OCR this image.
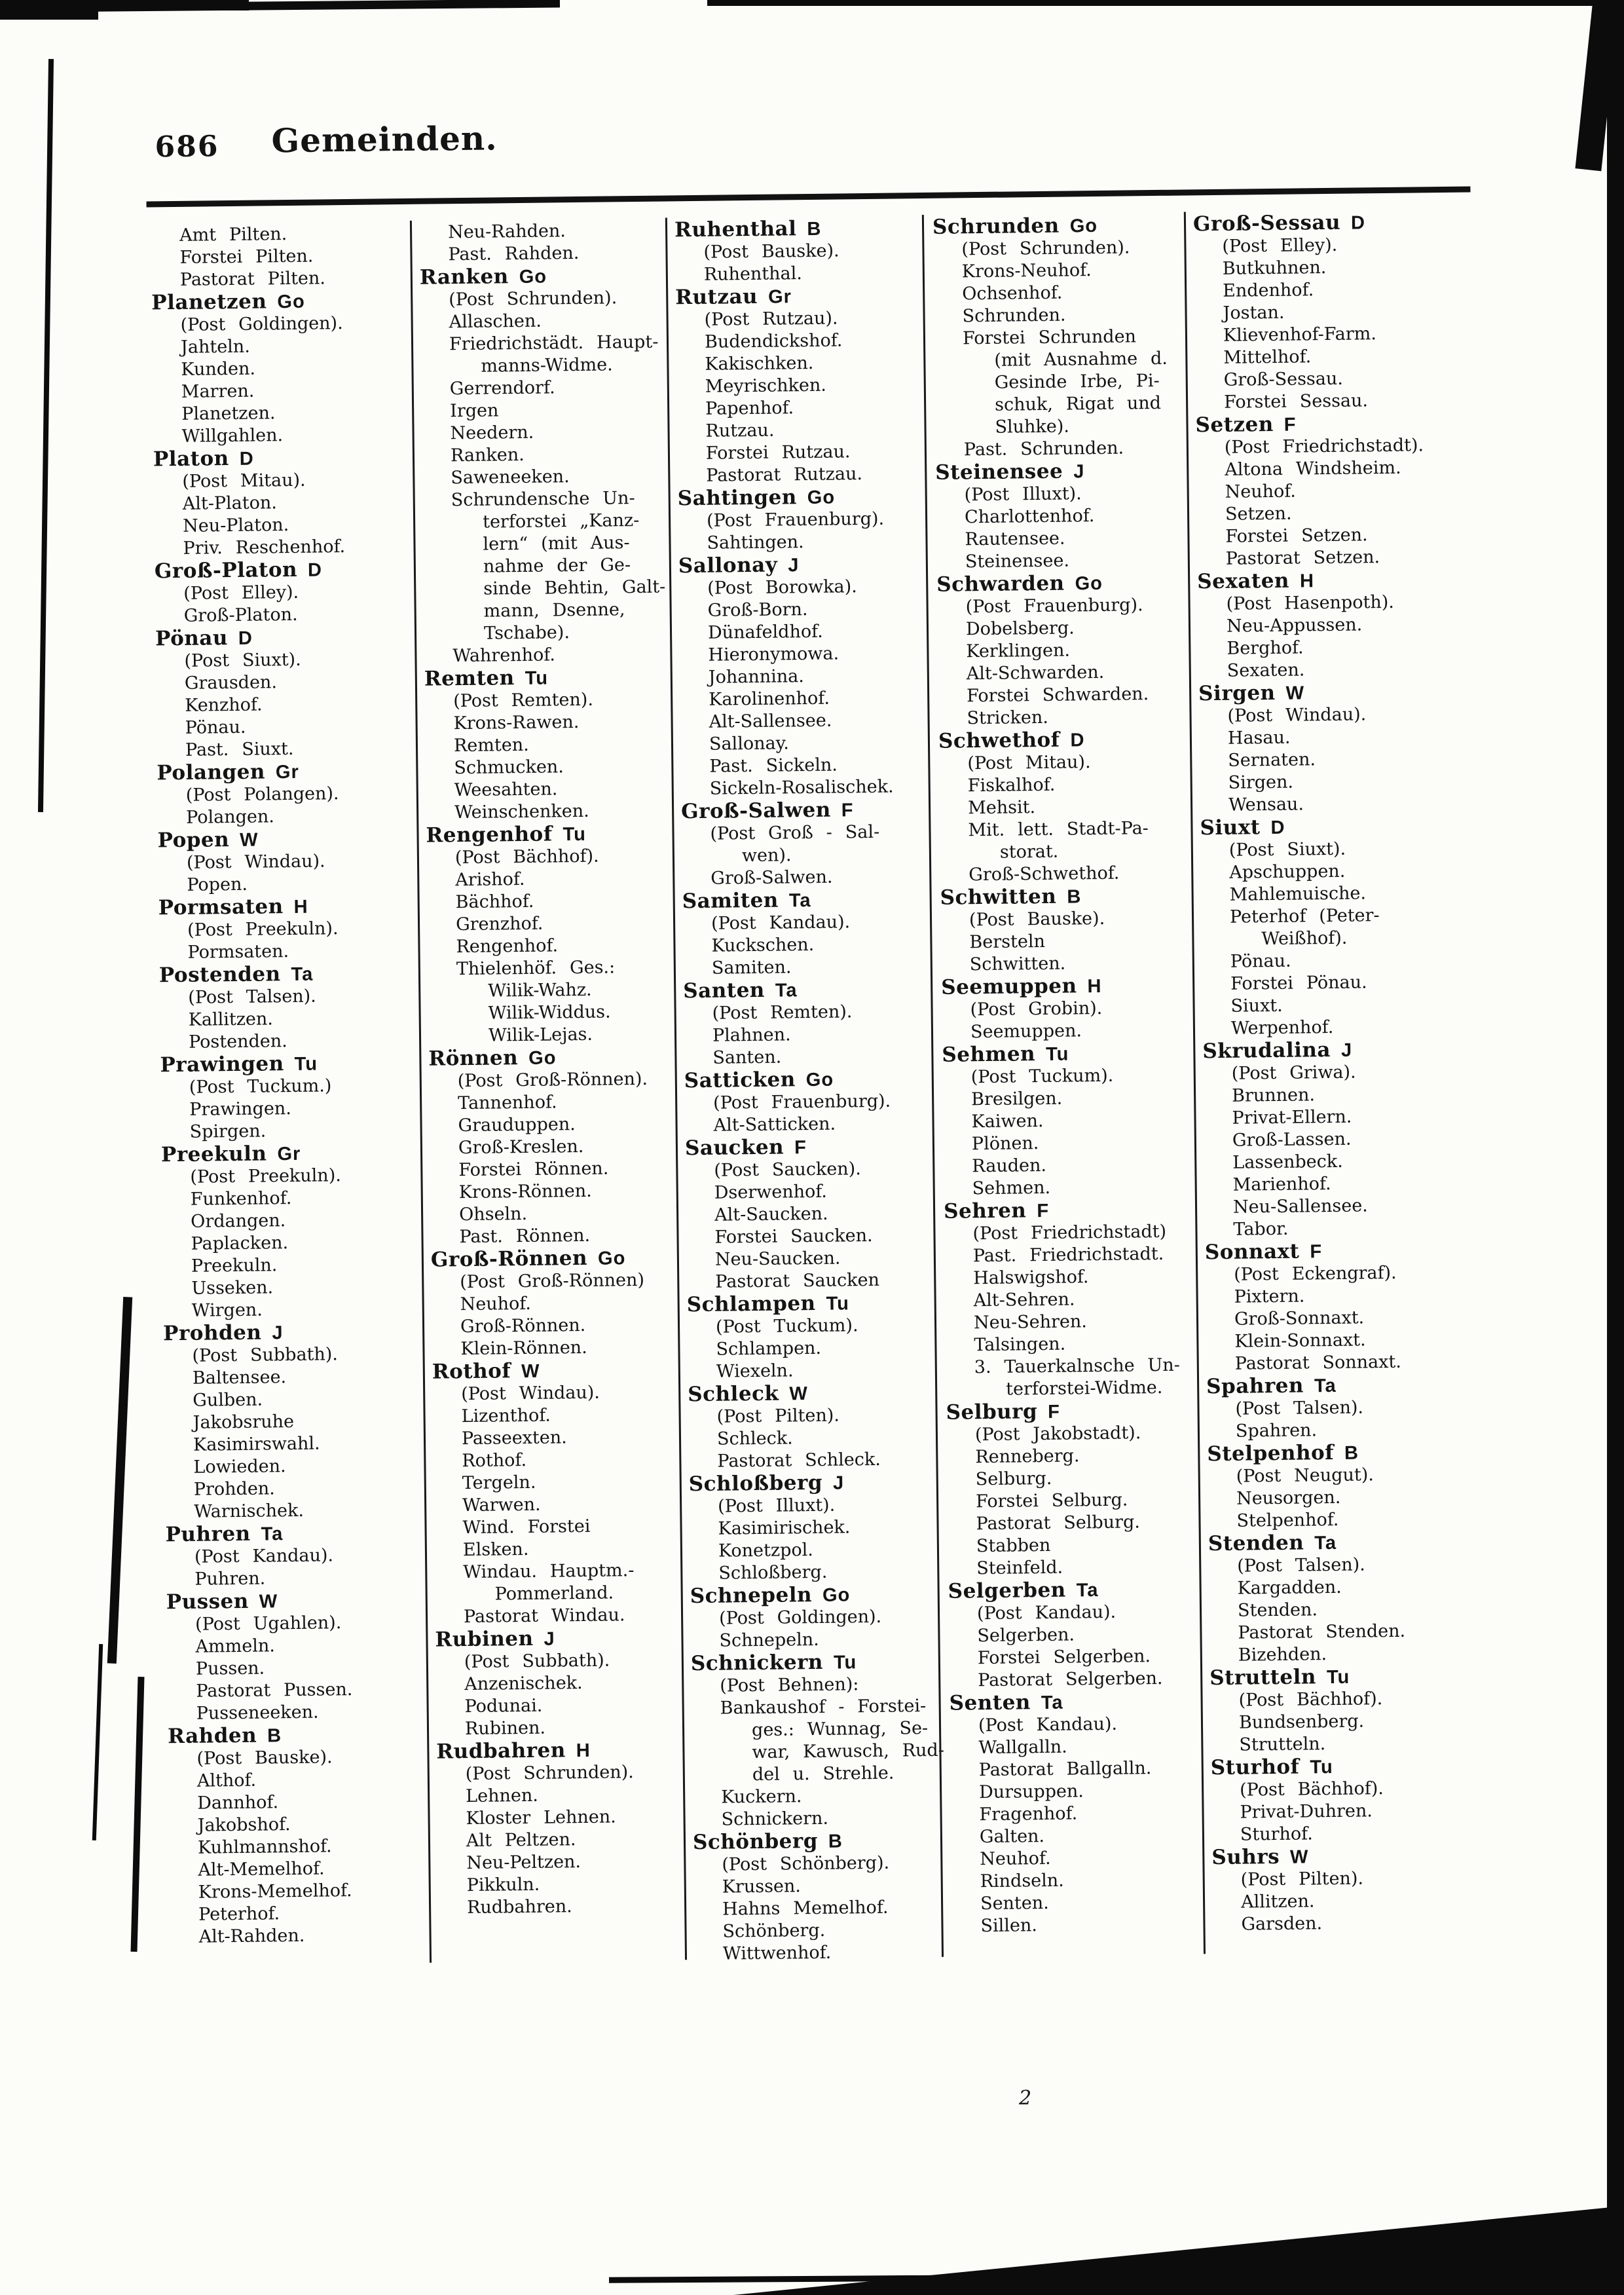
2
686 Gemeinden.
Amt Pilten.
Forstei Pilten.
Pastorat Pilten.
Planetzen Go
(Post Goldingen).
Jahteln.
Kunden.
Marren.
Planetzen.
Willgahlen.
Platon D
(Post Mitau).
Alt-Platon.
Neu-Platon.
Priv. Reschenhof.
Groß-Platon D
(Post Elley).
Groß-Platon.
Pönau D
(Post Siuxt).
Grausden.
Kenzhof.
Pönau.
Past. Siuxt.
Polangen Gr
(Post Polangen).
Polangen.
Popen W
(Post Windau).
Popen.
Pormsaten H
(Post Preekuln).
Pormsaten.
Postenden Ta
(Post Talsen).
Kallitzen.
Postenden.
Prawingen Tu
(Post Tuckum.)
Prawingen.
Spirgen.
Preekuln Gr
(Post Preekuln).
Funkenhof.
Ordangen.
Paplacken.
Preekuln.
Usseken.
Wirgen.
Prohden J
(Post Subbath).
Baltensee.
Gulben.
Jakobsruhe
Kasimirswahl.
Lowieden.
Prohden.
Warnischek.
Puhren Ta
(Post Kandau).
Puhren.
Pussen W
(Post Ugahlen).
Ammeln.
Pussen.
Pastorat Pussen.
Pusseneeken.
Rahden B
(Post Bauske).
Althof.
Dannhof.
Jakobshof.
Kuhlmannshof.
Alt-Memelhof.
Krons-Memelhof.
Peterhof.
Alt-Rahden.
Neu-Rahden.
Past. Rahden.
Ranken Go
(Post Schrunden).
Allaschen.
Friedrichstädt. Haupt-
manns-Widme.
Gerrendorf.
Irgen
Needern.
Ranken.
Saweneeken.
Schrundensche Un-
terforstei „Kanz-
lern“ (mit Aus-
nahme der Ge-
sinde Behtin, Galt-
mann, Dsenne,
Tschabe).
Wahrenhof.
Remten Tu
(Post Remten).
Krons-Rawen.
Remten.
Schmucken.
Weesahten.
Weinschenken.
Rengenhof Tu
(Post Bächhof).
Arishof.
Bächhof.
Grenzhof.
Rengenhof.
Thielenhöf. Ges.:
Wilik-Wahz.
Wilik-Widdus.
Wilik-Lejas.
Rönnen Go
(Post Groß-Rönnen).
Tannenhof.
Grauduppen.
Groß-Kreslen.
Forstei Rönnen.
Krons-Rönnen.
Ohseln.
Past. Rönnen.
Groß-Rönnen Go
(Post Groß-Rönnen)
Neuhof.
Groß-Rönnen.
Klein-Rönnen.
Rothof W
(Post Windau).
Lizenthof.
Passeexten.
Rothof.
Tergeln.
Warwen.
Wind. Forstei
Elsken.
Windau. Hauptm.-
Pommerland.
Pastorat Windau.
Rubinen J
(Post Subbath).
Anzenischek.
Podunai.
Rubinen.
Rudbahren H
(Post Schrunden).
Lehnen.
Kloster Lehnen.
Alt Peltzen.
Neu-Peltzen.
Pikkuln.
Rudbahren.
Ruhenthal B
(Post Bauske).
Ruhenthal.
Rutzau Gr
(Post Rutzau).
Budendickshof.
Kakischken.
Meyrischken.
Papenhof.
Rutzau.
Forstei Rutzau.
Pastorat Rutzau.
Sahtingen Go
(Post Frauenburg).
Sahtingen.
Sallonay J
(Post Borowka).
Groß-Born.
Dünafeldhof.
Hieronymowa.
Johannina.
Karolinenhof.
Alt-Sallensee.
Sallonay.
Past. Sickeln.
Sickeln-Rosalischek.
Groß-Salwen F
(Post Groß - Sal-
wen).
Groß-Salwen.
Samiten Ta
(Post Kandau).
Kuckschen.
Samiten.
Santen Ta
(Post Remten).
Plahnen.
Santen.
Satticken Go
(Post Frauenburg).
Alt-Satticken.
Saucken F
(Post Saucken).
Dserwenhof.
Alt-Saucken.
Forstei Saucken.
Neu-Saucken.
Pastorat Saucken
Schlampen Tu
(Post Tuckum).
Schlampen.
Wiexeln.
Schleck W
(Post Pilten).
Schleck.
Pastorat Schleck.
Schloßberg J
(Post Illuxt).
Kasimirischek.
Konetzpol.
Schloßberg.
Schnepeln Go
(Post Goldingen).
Schnepeln.
Schnickern Tu
(Post Behnen):
Bankaushof - Forstei-
ges.: Wunnag, Se-
war, Kawusch, Rud-
del u. Strehle.
Kuckern.
Schnickern.
Schönberg B
(Post Schönberg).
Krussen.
Hahns Memelhof.
Schönberg.
Wittwenhof.
Schrunden Go
(Post Schrunden).
Krons-Neuhof.
Ochsenhof.
Schrunden.
Forstei Schrunden
(mit Ausnahme d.
Gesinde Irbe, Pi-
schuk, Rigat und
Sluhke).
Past. Schrunden.
Steinensee J
(Post Illuxt).
Charlottenhof.
Rautensee.
Steinensee.
Schwarden Go
(Post Frauenburg).
Dobelsberg.
Kerklingen.
Alt-Schwarden.
Forstei Schwarden.
Stricken.
Schwethof D
(Post Mitau).
Fiskalhof.
Mehsit.
Mit. lett. Stadt-Pa-
storat.
Groß-Schwethof.
Schwitten B
(Post Bauske).
Bersteln
Schwitten.
Seemuppen H
(Post Grobin).
Seemuppen.
Sehmen Tu
(Post Tuckum).
Bresilgen.
Kaiwen.
Plönen.
Rauden.
Sehmen.
Sehren F
(Post Friedrichstadt)
Past. Friedrichstadt.
Halswigshof.
Alt-Sehren.
Neu-Sehren.
Talsingen.
3. Tauerkalnsche Un-
terforstei-Widme.
Selburg F
(Post Jakobstadt).
Renneberg.
Selburg.
Forstei Selburg.
Pastorat Selburg.
Stabben
Steinfeld.
Selgerben Ta
(Post Kandau).
Selgerben.
Forstei Selgerben.
Pastorat Selgerben.
Senten Ta
(Post Kandau).
Wallgalln.
Pastorat Ballgalln.
Dursuppen.
Fragenhof.
Galten.
Neuhof.
Rindseln.
Senten.
Sillen.
Groß-Sessau D
(Post Elley).
Butkuhnen.
Endenhof.
Jostan.
Klievenhof-Farm.
Mittelhof.
Groß-Sessau.
Forstei Sessau.
Setzen F
(Post Friedrichstadt).
Altona Windsheim.
Neuhof.
Setzen.
Forstei Setzen.
Pastorat Setzen.
Sexaten H
(Post Hasenpoth).
Neu-Appussen.
Berghof.
Sexaten.
Sirgen W
(Post Windau).
Hasau.
Sernaten.
Sirgen.
Wensau.
Siuxt D
(Post Siuxt).
Apschuppen.
Mahlemuische.
Peterhof (Peter-
Weißhof).
Pönau.
Forstei Pönau.
Siuxt.
Werpenhof.
Skrudalina J
(Post Griwa).
Brunnen.
Privat-Ellern.
Groß-Lassen.
Lassenbeck.
Marienhof.
Neu-Sallensee.
Tabor.
Sonnaxt F
(Post Eckengraf).
Pixtern.
Groß-Sonnaxt.
Klein-Sonnaxt.
Pastorat Sonnaxt.
Spahren Ta
(Post Talsen).
Spahren.
Stelpenhof B
(Post Neugut).
Neusorgen.
Stelpenhof.
Stenden Ta
(Post Talsen).
Kargadden.
Stenden.
Pastorat Stenden.
Bizehden.
Strutteln Tu
(Post Bächhof).
Bundsenberg.
Strutteln.
Sturhof Tu
(Post Bächhof).
Privat-Duhren.
Sturhof.
Suhrs W
(Post Pilten).
Allitzen.
Garsden.
